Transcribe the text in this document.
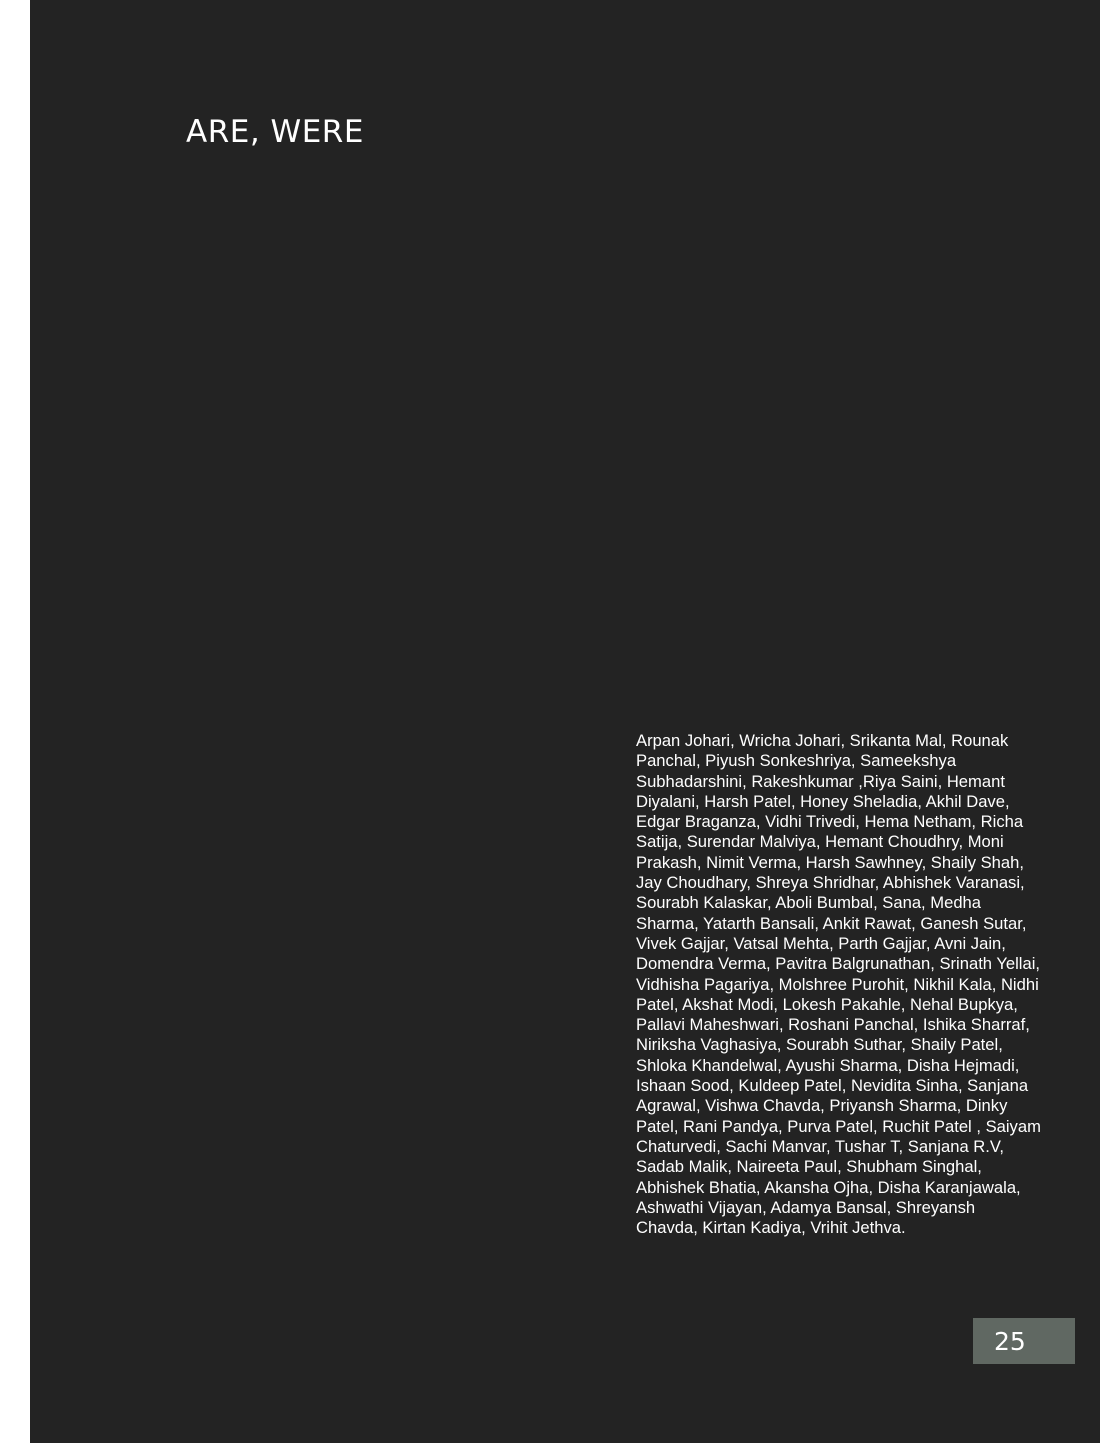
ARE, WERE

Arpan Johari, Wricha Johari, Srikanta Mal, Rounak Panchal, Piyush Sonkeshriya, Sameekshya Subhadarshini, Rakeshkumar ,Riya Saini, Hemant Diyalani, Harsh Patel, Honey Sheladia, Akhil Dave, Edgar Braganza, Vidhi Trivedi, Hema Netham, Richa Satija, Surendar Malviya, Hemant Choudhry, Moni Prakash, Nimit Verma, Harsh Sawhney, Shaily Shah, Jay Choudhary, Shreya Shridhar, Abhishek Varanasi, Sourabh Kalaskar, Aboli Bumbal, Sana, Medha Sharma, Yatarth Bansali, Ankit Rawat, Ganesh Sutar, Vivek Gajjar, Vatsal Mehta, Parth Gajjar, Avni Jain, Domendra Verma, Pavitra Balgrunathan, Srinath Yellai, Vidhisha Pagariya, Molshree Purohit, Nikhil Kala, Nidhi Patel, Akshat Modi, Lokesh Pakahle, Nehal Bupkya, Pallavi Maheshwari, Roshani Panchal, Ishika Sharraf, Niriksha Vaghasiya, Sourabh Suthar, Shaily Patel, Shloka Khandelwal, Ayushi Sharma, Disha Hejmadi, Ishaan Sood, Kuldeep Patel, Nevidita Sinha, Sanjana Agrawal, Vishwa Chavda, Priyansh Sharma, Dinky Patel, Rani Pandya, Purva Patel, Ruchit Patel , Saiyam Chaturvedi, Sachi Manvar, Tushar T, Sanjana R.V, Sadab Malik, Naireeta Paul, Shubham Singhal, Abhishek Bhatia, Akansha Ojha, Disha Karanjawala, Ashwathi Vijayan, Adamya Bansal, Shreyansh Chavda, Kirtan Kadiya, Vrihit Jethva.

25
